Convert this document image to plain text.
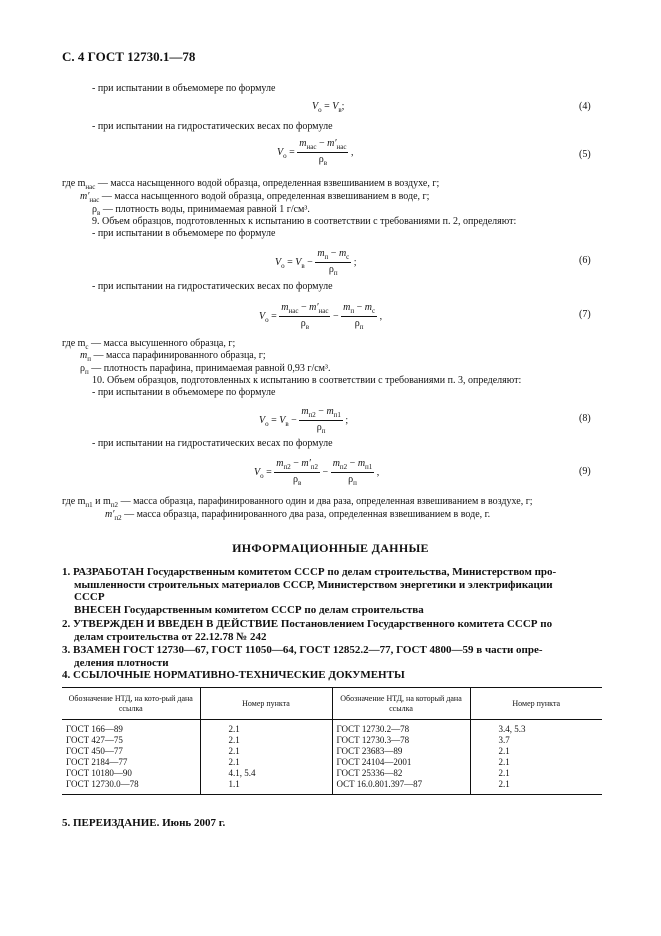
С. 4 ГОСТ 12730.1—78
- при испытании в объемомере по формуле
$V_о = V_в$;	(4)
- при испытании на гидростатических весах по формуле
$V_о = \frac{m_{нас} - m'_{нас}}{\rho_в}$ ,	(5)
где $m_{нас}$ — масса насыщенного водой образца, определенная взвешиванием в воздухе, г;
$m'_{нас}$ — масса насыщенного водой образца, определенная взвешиванием в воде, г;
$\rho_в$ — плотность воды, принимаемая равной 1 г/см³.
9. Объем образцов, подготовленных к испытанию в соответствии с требованиями п. 2, определяют:
- при испытании в объемомере по формуле
$V_о = V_в - \frac{m_п - m_с}{\rho_п}$ ;	(6)
- при испытании на гидростатических весах по формуле
$V_о = \frac{m_{нас} - m'_{нас}}{\rho_в} - \frac{m_п - m_с}{\rho_п}$ ,	(7)
где $m_с$ — масса высушенного образца, г;
$m_п$ — масса парафинированного образца, г;
$\rho_п$ — плотность парафина, принимаемая равной 0,93 г/см³.
10. Объем образцов, подготовленных к испытанию в соответствии с требованиями п. 3, определяют:
- при испытании в объемомере по формуле
$V_о = V_в - \frac{m_{п2} - m_{п1}}{\rho_п}$ ;	(8)
- при испытании на гидростатических весах по формуле
$V_о = \frac{m_{п2} - m'_{п2}}{\rho_в} - \frac{m_{п2} - m_{п1}}{\rho_п}$ ,	(9)
где $m_{п1}$ и $m_{п2}$ — масса образца, парафинированного один и два раза, определенная взвешиванием в воздухе, г;
$m'_{п2}$ — масса образца, парафинированного два раза, определенная взвешиванием в воде, г.
ИНФОРМАЦИОННЫЕ ДАННЫЕ
1. РАЗРАБОТАН Государственным комитетом СССР по делам строительства, Министерством про-
мышленности строительных материалов СССР, Министерством энергетики и электрификации
СССР
ВНЕСЕН Государственным комитетом СССР по делам строительства
2. УТВЕРЖДЕН И ВВЕДЕН В ДЕЙСТВИЕ Постановлением Государственного комитета СССР по
делам строительства от 22.12.78 № 242
3. ВЗАМЕН ГОСТ 12730—67, ГОСТ 11050—64, ГОСТ 12852.2—77, ГОСТ 4800—59 в части опре-
деления плотности
4. ССЫЛОЧНЫЕ НОРМАТИВНО-ТЕХНИЧЕСКИЕ ДОКУМЕНТЫ
Обозначение НТД, на кото-рый дана ссылка	Номер пункта	Обозначение НТД, на который дана ссылка	Номер пункта
ГОСТ 166—89	2.1	ГОСТ 12730.2—78	3.4, 5.3
ГОСТ 427—75	2.1	ГОСТ 12730.3—78	3.7
ГОСТ 450—77	2.1	ГОСТ 23683—89	2.1
ГОСТ 2184—77	2.1	ГОСТ 24104—2001	2.1
ГОСТ 10180—90	4.1, 5.4	ГОСТ 25336—82	2.1
ГОСТ 12730.0—78	1.1	ОСТ 16.0.801.397—87	2.1
5. ПЕРЕИЗДАНИЕ. Июнь 2007 г.
